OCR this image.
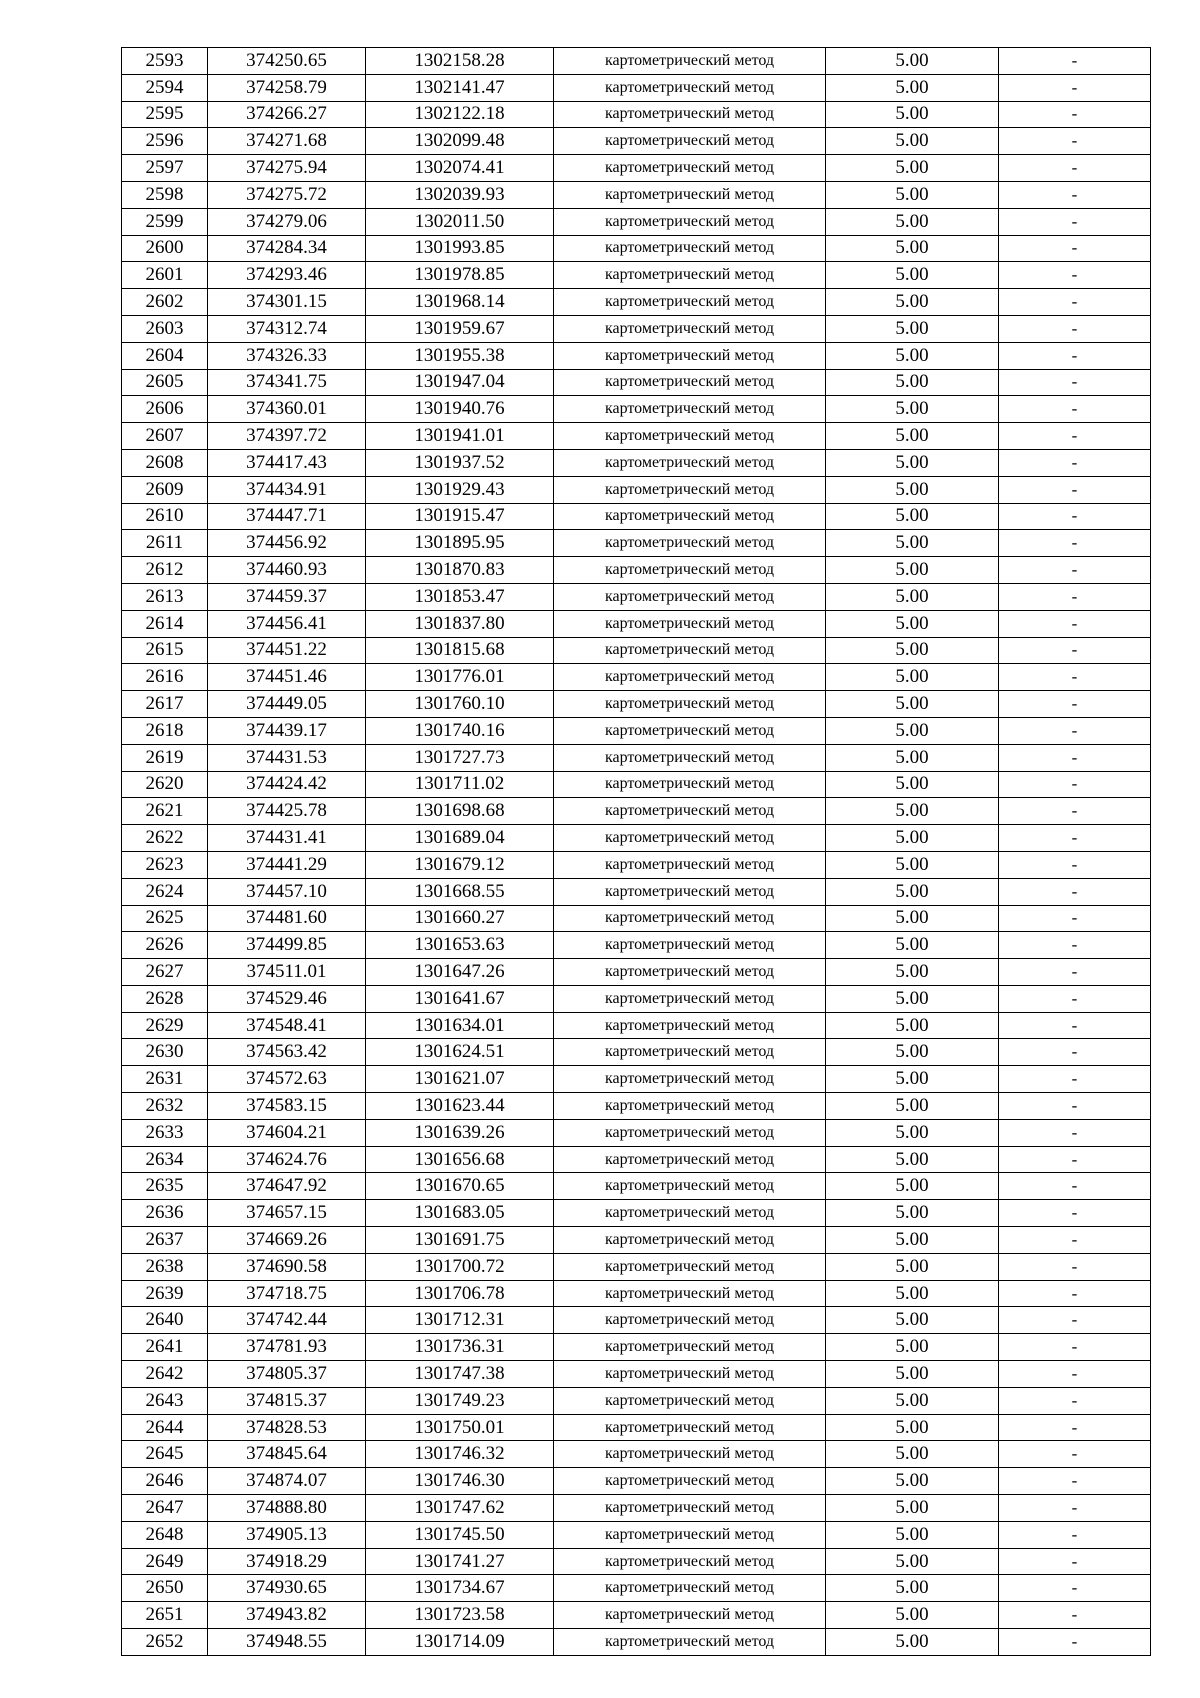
2593	374250.65	1302158.28	картометрический метод	5.00	-
2594	374258.79	1302141.47	картометрический метод	5.00	-
2595	374266.27	1302122.18	картометрический метод	5.00	-
2596	374271.68	1302099.48	картометрический метод	5.00	-
2597	374275.94	1302074.41	картометрический метод	5.00	-
2598	374275.72	1302039.93	картометрический метод	5.00	-
2599	374279.06	1302011.50	картометрический метод	5.00	-
2600	374284.34	1301993.85	картометрический метод	5.00	-
2601	374293.46	1301978.85	картометрический метод	5.00	-
2602	374301.15	1301968.14	картометрический метод	5.00	-
2603	374312.74	1301959.67	картометрический метод	5.00	-
2604	374326.33	1301955.38	картометрический метод	5.00	-
2605	374341.75	1301947.04	картометрический метод	5.00	-
2606	374360.01	1301940.76	картометрический метод	5.00	-
2607	374397.72	1301941.01	картометрический метод	5.00	-
2608	374417.43	1301937.52	картометрический метод	5.00	-
2609	374434.91	1301929.43	картометрический метод	5.00	-
2610	374447.71	1301915.47	картометрический метод	5.00	-
2611	374456.92	1301895.95	картометрический метод	5.00	-
2612	374460.93	1301870.83	картометрический метод	5.00	-
2613	374459.37	1301853.47	картометрический метод	5.00	-
2614	374456.41	1301837.80	картометрический метод	5.00	-
2615	374451.22	1301815.68	картометрический метод	5.00	-
2616	374451.46	1301776.01	картометрический метод	5.00	-
2617	374449.05	1301760.10	картометрический метод	5.00	-
2618	374439.17	1301740.16	картометрический метод	5.00	-
2619	374431.53	1301727.73	картометрический метод	5.00	-
2620	374424.42	1301711.02	картометрический метод	5.00	-
2621	374425.78	1301698.68	картометрический метод	5.00	-
2622	374431.41	1301689.04	картометрический метод	5.00	-
2623	374441.29	1301679.12	картометрический метод	5.00	-
2624	374457.10	1301668.55	картометрический метод	5.00	-
2625	374481.60	1301660.27	картометрический метод	5.00	-
2626	374499.85	1301653.63	картометрический метод	5.00	-
2627	374511.01	1301647.26	картометрический метод	5.00	-
2628	374529.46	1301641.67	картометрический метод	5.00	-
2629	374548.41	1301634.01	картометрический метод	5.00	-
2630	374563.42	1301624.51	картометрический метод	5.00	-
2631	374572.63	1301621.07	картометрический метод	5.00	-
2632	374583.15	1301623.44	картометрический метод	5.00	-
2633	374604.21	1301639.26	картометрический метод	5.00	-
2634	374624.76	1301656.68	картометрический метод	5.00	-
2635	374647.92	1301670.65	картометрический метод	5.00	-
2636	374657.15	1301683.05	картометрический метод	5.00	-
2637	374669.26	1301691.75	картометрический метод	5.00	-
2638	374690.58	1301700.72	картометрический метод	5.00	-
2639	374718.75	1301706.78	картометрический метод	5.00	-
2640	374742.44	1301712.31	картометрический метод	5.00	-
2641	374781.93	1301736.31	картометрический метод	5.00	-
2642	374805.37	1301747.38	картометрический метод	5.00	-
2643	374815.37	1301749.23	картометрический метод	5.00	-
2644	374828.53	1301750.01	картометрический метод	5.00	-
2645	374845.64	1301746.32	картометрический метод	5.00	-
2646	374874.07	1301746.30	картометрический метод	5.00	-
2647	374888.80	1301747.62	картометрический метод	5.00	-
2648	374905.13	1301745.50	картометрический метод	5.00	-
2649	374918.29	1301741.27	картометрический метод	5.00	-
2650	374930.65	1301734.67	картометрический метод	5.00	-
2651	374943.82	1301723.58	картометрический метод	5.00	-
2652	374948.55	1301714.09	картометрический метод	5.00	-
